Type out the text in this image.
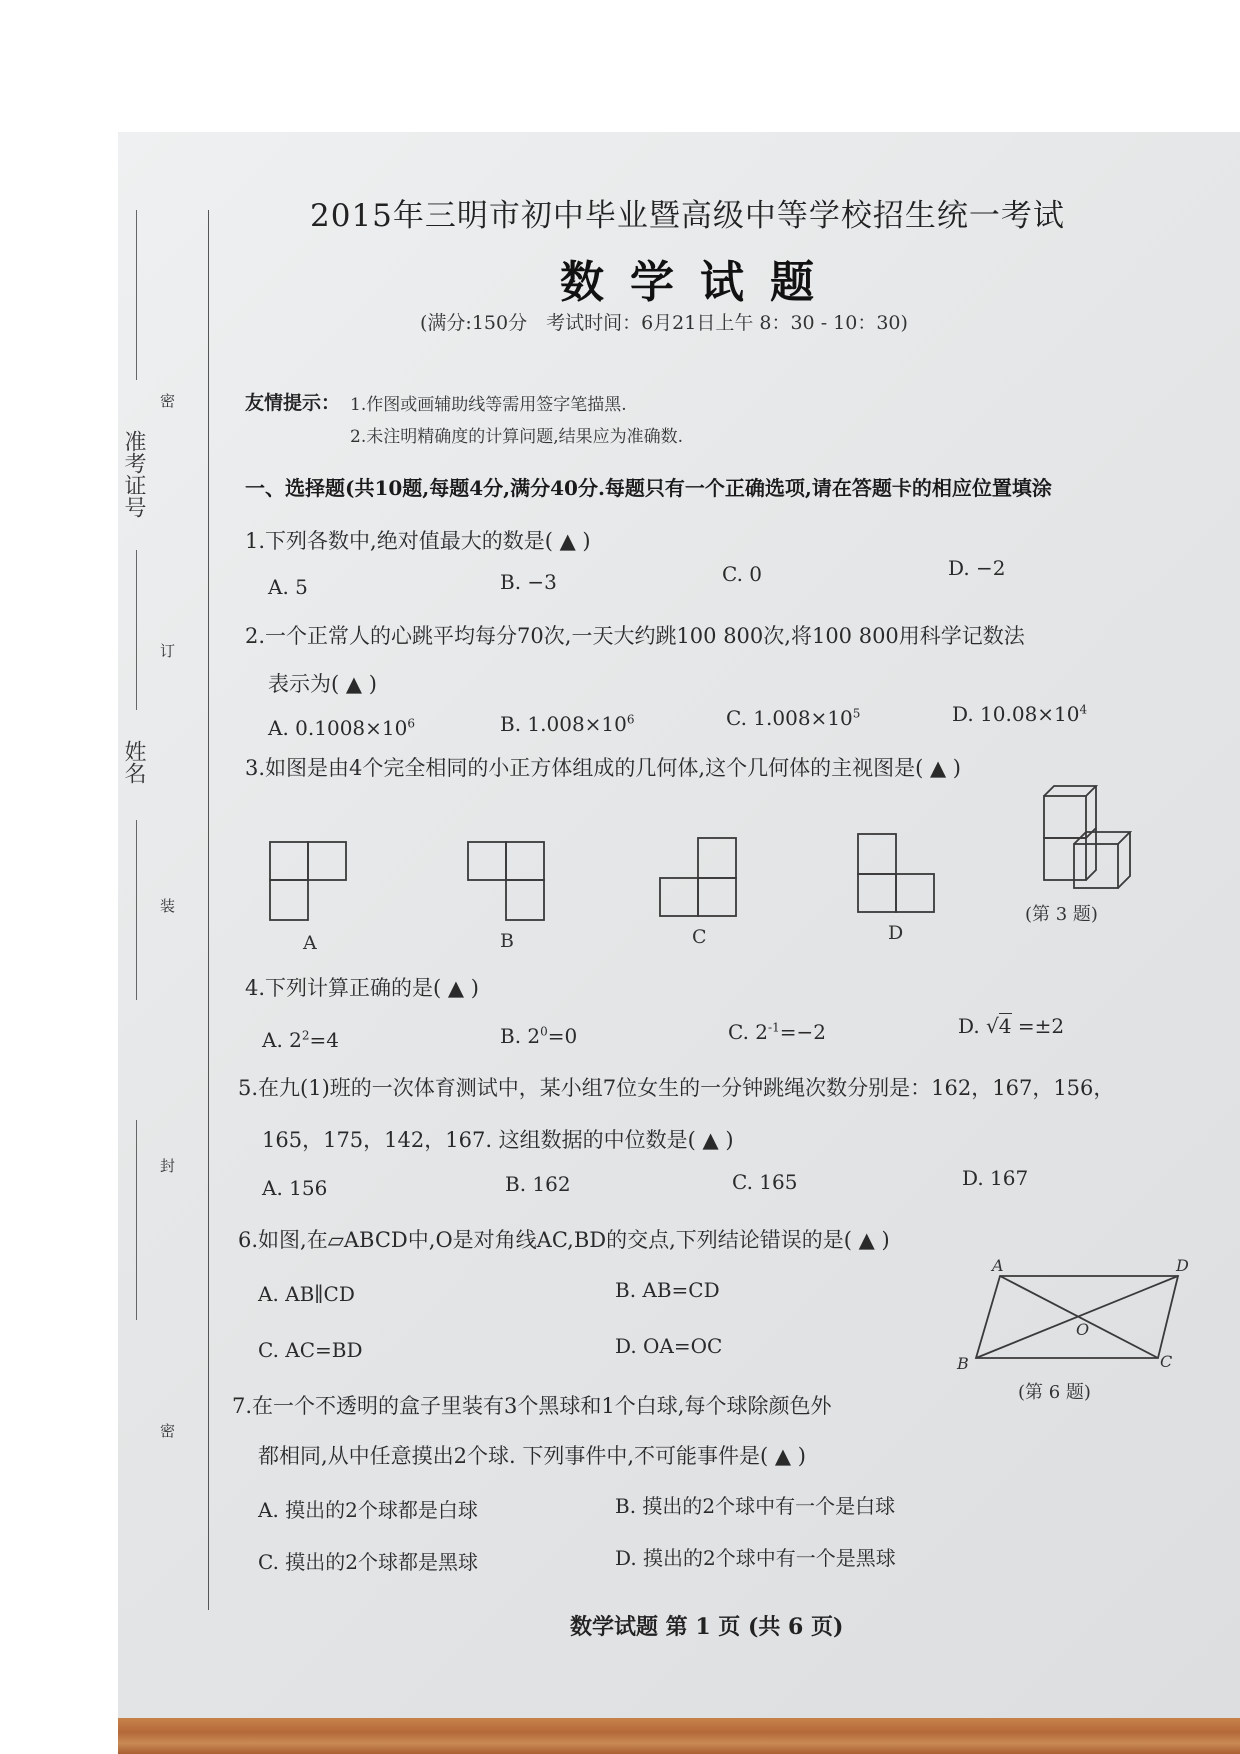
准考证号
姓名
密
订
装
封
密
2015年三明市初中毕业暨高级中等学校招生统一考试
数学试题
(满分:150分　考试时间：6月21日上午 8：30 - 10：30)
友情提示： 1.作图或画辅助线等需用签字笔描黑.
2.未注明精确度的计算问题,结果应为准确数.
一、选择题(共10题,每题4分,满分40分.每题只有一个正确选项,请在答题卡的相应位置填涂
1.下列各数中,绝对值最大的数是( ▲ )
A. 5	B. −3	C. 0	D. −2
2.一个正常人的心跳平均每分70次,一天大约跳100 800次,将100 800用科学记数法
表示为( ▲ )
A. $0.1008\times 10^6$	B. $1.008\times 10^6$	C. $1.008\times 10^5$	D. $10.08\times 10^4$
3.如图是由4个完全相同的小正方体组成的几何体,这个几何体的主视图是( ▲ )
A	B	C	D
(第 3 题)
4.下列计算正确的是( ▲ )
A. $2^2=4$	B. $2^0=0$	C. $2^{-1}=-2$	D. √4 =±2
5.在九(1)班的一次体育测试中，某小组7位女生的一分钟跳绳次数分别是：162，167，156，
165，175，142，167. 这组数据的中位数是( ▲ )
A. 156	B. 162	C. 165	D. 167
6.如图,在▱ABCD中,O是对角线AC,BD的交点,下列结论错误的是( ▲ )
A. AB∥CD	B. AB=CD
C. AC=BD	D. OA=OC
A
B	C
D
O
(第 6 题)
7.在一个不透明的盒子里装有3个黑球和1个白球,每个球除颜色外
都相同,从中任意摸出2个球. 下列事件中,不可能事件是( ▲ )
A. 摸出的2个球都是白球	B. 摸出的2个球中有一个是白球
C. 摸出的2个球都是黑球	D. 摸出的2个球中有一个是黑球
数学试题 第 1 页 (共 6 页)
